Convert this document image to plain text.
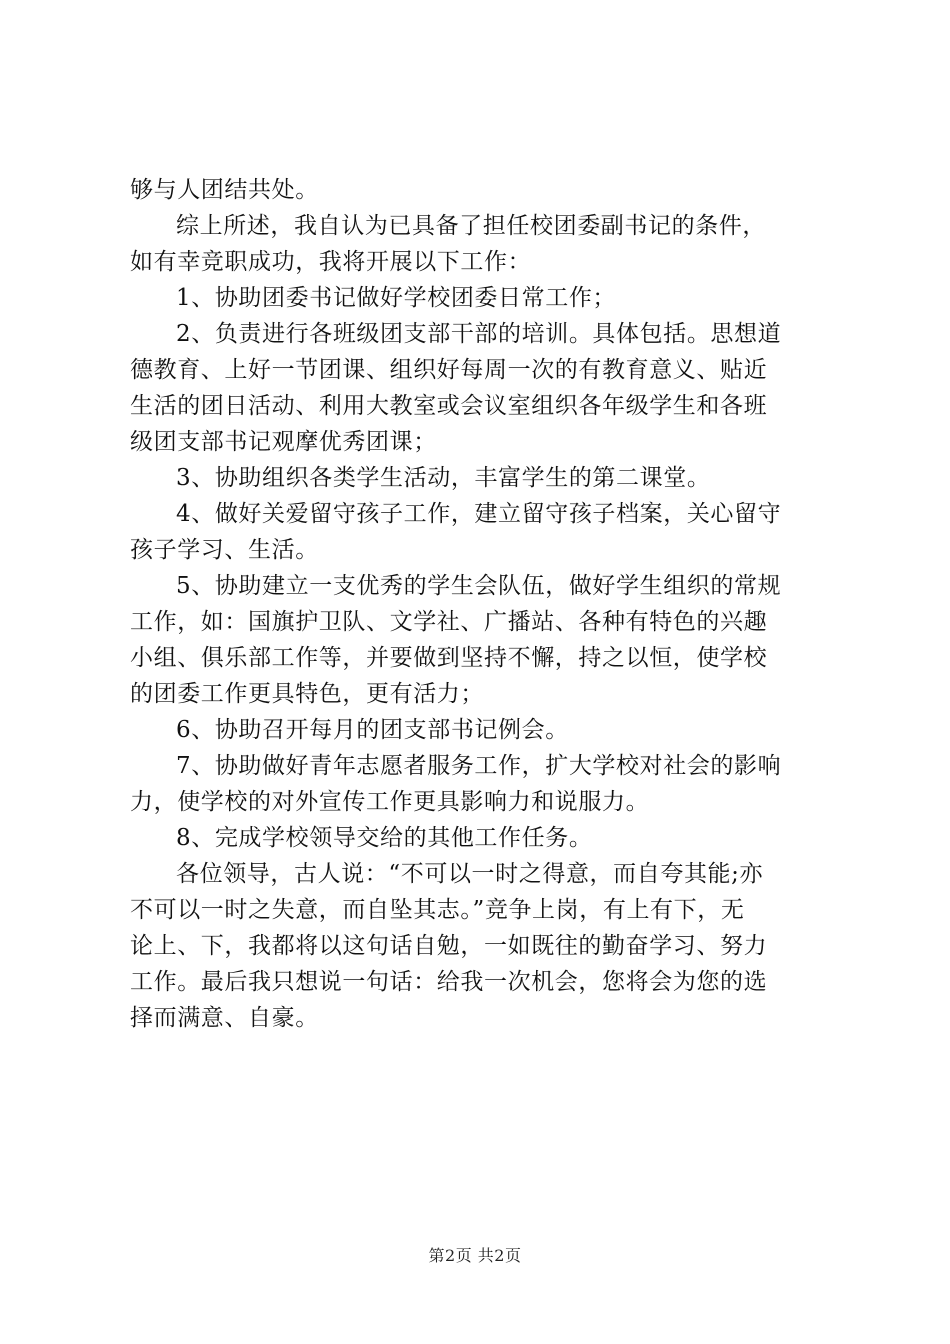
够与人团结共处。
综上所述，我自认为已具备了担任校团委副书记的条件，
如有幸竞职成功，我将开展以下工作：
1、协助团委书记做好学校团委日常工作；
2、负责进行各班级团支部干部的培训。具体包括。思想道
德教育、上好一节团课、组织好每周一次的有教育意义、贴近
生活的团日活动、利用大教室或会议室组织各年级学生和各班
级团支部书记观摩优秀团课；
3、协助组织各类学生活动，丰富学生的第二课堂。
4、做好关爱留守孩子工作，建立留守孩子档案，关心留守
孩子学习、生活。
5、协助建立一支优秀的学生会队伍，做好学生组织的常规
工作，如：国旗护卫队、文学社、广播站、各种有特色的兴趣
小组、俱乐部工作等，并要做到坚持不懈，持之以恒，使学校
的团委工作更具特色，更有活力；
6、协助召开每月的团支部书记例会。
7、协助做好青年志愿者服务工作，扩大学校对社会的影响
力，使学校的对外宣传工作更具影响力和说服力。
8、完成学校领导交给的其他工作任务。
各位领导，古人说：“不可以一时之得意，而自夸其能;亦
不可以一时之失意，而自坠其志。”竞争上岗，有上有下，无
论上、下，我都将以这句话自勉，一如既往的勤奋学习、努力
工作。最后我只想说一句话：给我一次机会，您将会为您的选
择而满意、自豪。
第2页 共2页
